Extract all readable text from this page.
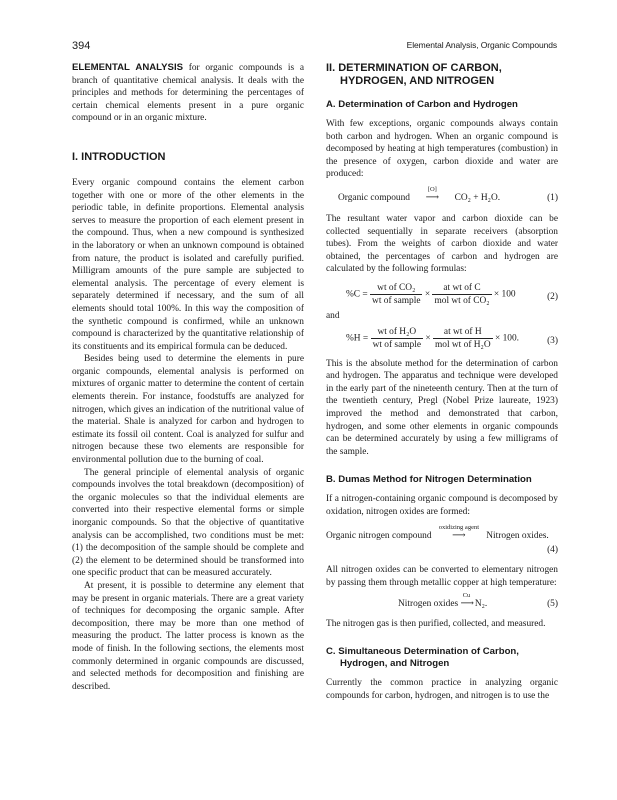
394	Elemental Analysis, Organic Compounds

ELEMENTAL ANALYSIS for organic compounds is a branch of quantitative chemical analysis. It deals with the principles and methods for determining the percentages of certain chemical elements present in a pure organic compound or in an organic mixture.

I. INTRODUCTION

Every organic compound contains the element carbon together with one or more of the other elements in the periodic table, in definite proportions. Elemental analysis serves to measure the proportion of each element present in the compound. Thus, when a new compound is synthesized in the laboratory or when an unknown compound is obtained from nature, the product is isolated and carefully purified. Milligram amounts of the pure sample are subjected to elemental analysis. The percentage of every element is separately determined if necessary, and the sum of all elements should total 100%. In this way the composition of the synthetic compound is confirmed, while an unknown compound is characterized by the quantitative relationship of its constituents and its empirical formula can be deduced.

Besides being used to determine the elements in pure organic compounds, elemental analysis is performed on mixtures of organic matter to determine the content of certain elements therein. For instance, foodstuffs are analyzed for nitrogen, which gives an indication of the nutritional value of the material. Shale is analyzed for carbon and hydrogen to estimate its fossil oil content. Coal is analyzed for sulfur and nitrogen because these two elements are responsible for environmental pollution due to the burning of coal.

The general principle of elemental analysis of organic compounds involves the total breakdown (decomposition) of the organic molecules so that the individual elements are converted into their respective elemental forms or simple inorganic compounds. So that the objective of quantitative analysis can be accomplished, two conditions must be met: (1) the decomposition of the sample should be complete and (2) the element to be determined should be transformed into one specific product that can be measured accurately.

At present, it is possible to determine any element that may be present in organic materials. There are a great variety of techniques for decomposing the organic sample. After decomposition, there may be more than one method of measuring the product. The latter process is known as the mode of finish. In the following sections, the elements most commonly determined in organic compounds are discussed, and selected methods for decomposition and finishing are described.

II. DETERMINATION OF CARBON,
HYDROGEN, AND NITROGEN
A. Determination of Carbon and Hydrogen

With few exceptions, organic compounds always contain both carbon and hydrogen. When an organic compound is decomposed by heating at high temperatures (combustion) in the presence of oxygen, carbon dioxide and water are produced:

Organic compound
[O]
⟶ CO₂ + H₂O.	(1)

The resultant water vapor and carbon dioxide can be collected sequentially in separate receivers (absorption tubes). From the weights of carbon dioxide and water obtained, the percentages of carbon and hydrogen are calculated by the following formulas:

$\%C = \frac{\text{wt of CO₂}}{\text{wt of sample}} \times \frac{\text{at wt of C}}{\text{mol wt of CO₂}} \times 100$	(2)
and
$\%H = \frac{\text{wt of H₂O}}{\text{wt of sample}} \times \frac{\text{at wt of H}}{\text{mol wt of H₂O}} \times 100$.	(3)

This is the absolute method for the determination of carbon and hydrogen. The apparatus and technique were developed in the early part of the nineteenth century. Then at the turn of the twentieth century, Pregl (Nobel Prize laureate, 1923) improved the method and demonstrated that carbon, hydrogen, and some other elements in organic compounds can be determined accurately by using a few milligrams of the sample.

B. Dumas Method for Nitrogen Determination

If a nitrogen-containing organic compound is decomposed by oxidation, nitrogen oxides are formed:

Organic nitrogen compound
oxidizing agent
⟶ Nitrogen oxides.
(4)

All nitrogen oxides can be converted to elementary nitrogen by passing them through metallic copper at high temperature:

Nitrogen oxides
Cu
⟶ N₂.	(5)

The nitrogen gas is then purified, collected, and measured.

C. Simultaneous Determination of Carbon,
Hydrogen, and Nitrogen

Currently the common practice in analyzing organic compounds for carbon, hydrogen, and nitrogen is to use the
